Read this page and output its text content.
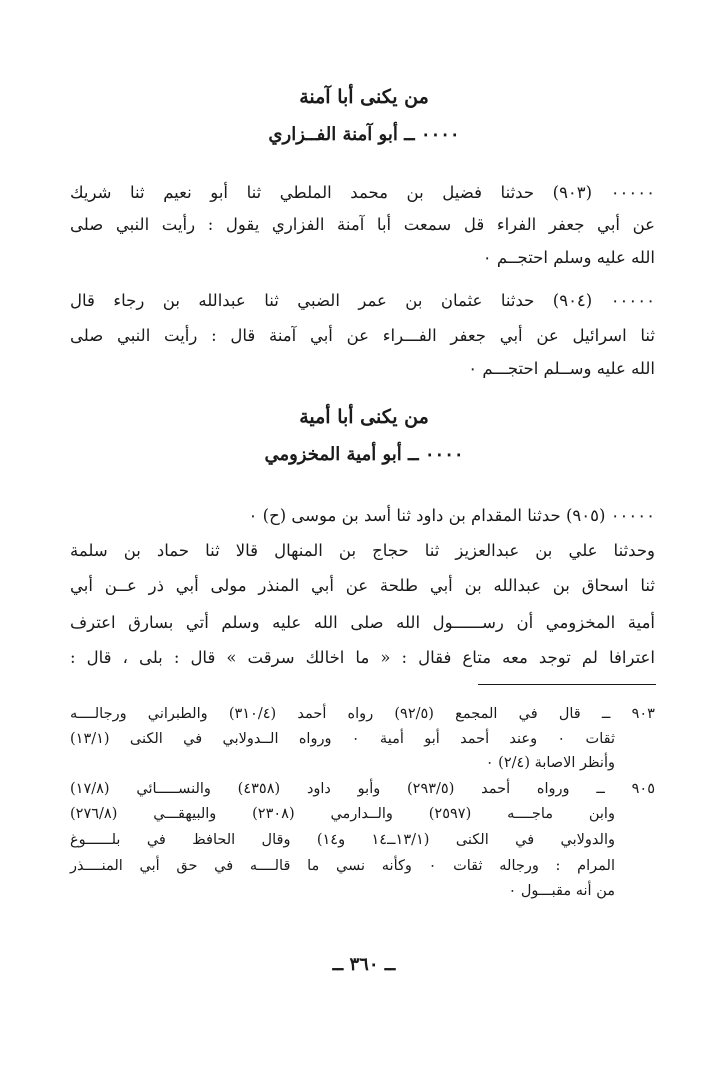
من يكنى أبا آمنة
٠٠٠٠ ــ أبو آمنة الفــزاري

٠٠٠٠٠ (٩٠٣) حدثنا فضيل بن محمد الملطي ثنا أبو نعيم ثنا شريك

عن أبي جعفر الفراء قل سمعت أبا آمنة الفزاري يقول : رأيت النبي صلى

الله عليه وسلم احتجــم ٠

٠٠٠٠٠ (٩٠٤) حدثنا عثمان بن عمر الضبي ثنا عبدالله بن رجاء قال

ثنا اسرائيل عن أبي جعفر الفـــراء عن أبي آمنة قال : رأيت النبي صلى

الله عليه وســلم احتجـــم ٠

من يكنى أبا أمية
٠٠٠٠ ــ أبو أمية المخزومي

٠٠٠٠٠ (٩٠٥) حدثنا المقدام بن داود ثنا أسد بن موسى (ح) ٠

وحدثنا علي بن عبدالعزيز ثنا حجاج بن المنهال قالا ثنا حماد بن سلمة

ثنا اسحاق بن عبدالله بن أبي طلحة عن أبي المنذر مولى أبي ذر عــن أبي

أمية المخزومي أن رســــــول الله صلى الله عليه وسلم أتي بسارق اعترف

اعترافا لم توجد معه متاع فقال : « ما اخالك سرقت » قال : بلى ، قال :

٩٠٣ ــ قال في المجمع (٩٢/٥) رواه أحمد (٣١٠/٤) والطبراني ورجالــــه

ثقات ٠ وعند أحمد أبو أمية ٠ ورواه الــدولابي في الكنى (١٣/١)

وأنظر الاصابة (٢/٤) ٠

٩٠٥ ــ ورواه أحمد (٢٩٣/٥) وأبو داود (٤٣٥٨) والنســـــائي (١٧/٨)

وابن ماجــــه (٢٥٩٧) والــدارمي (٢٣٠٨) والبيهقـــي (٢٧٦/٨)

والدولابي في الكنى (١٣/١ــ١٤ و١٤) وقال الحافظ في بلــــــوغ

المرام : ورجاله ثقات ٠ وكأنه نسي ما قالــــه في حق أبي المنــــذر

من أنه مقبـــول ٠

ــ ٣٦٠ ــ
